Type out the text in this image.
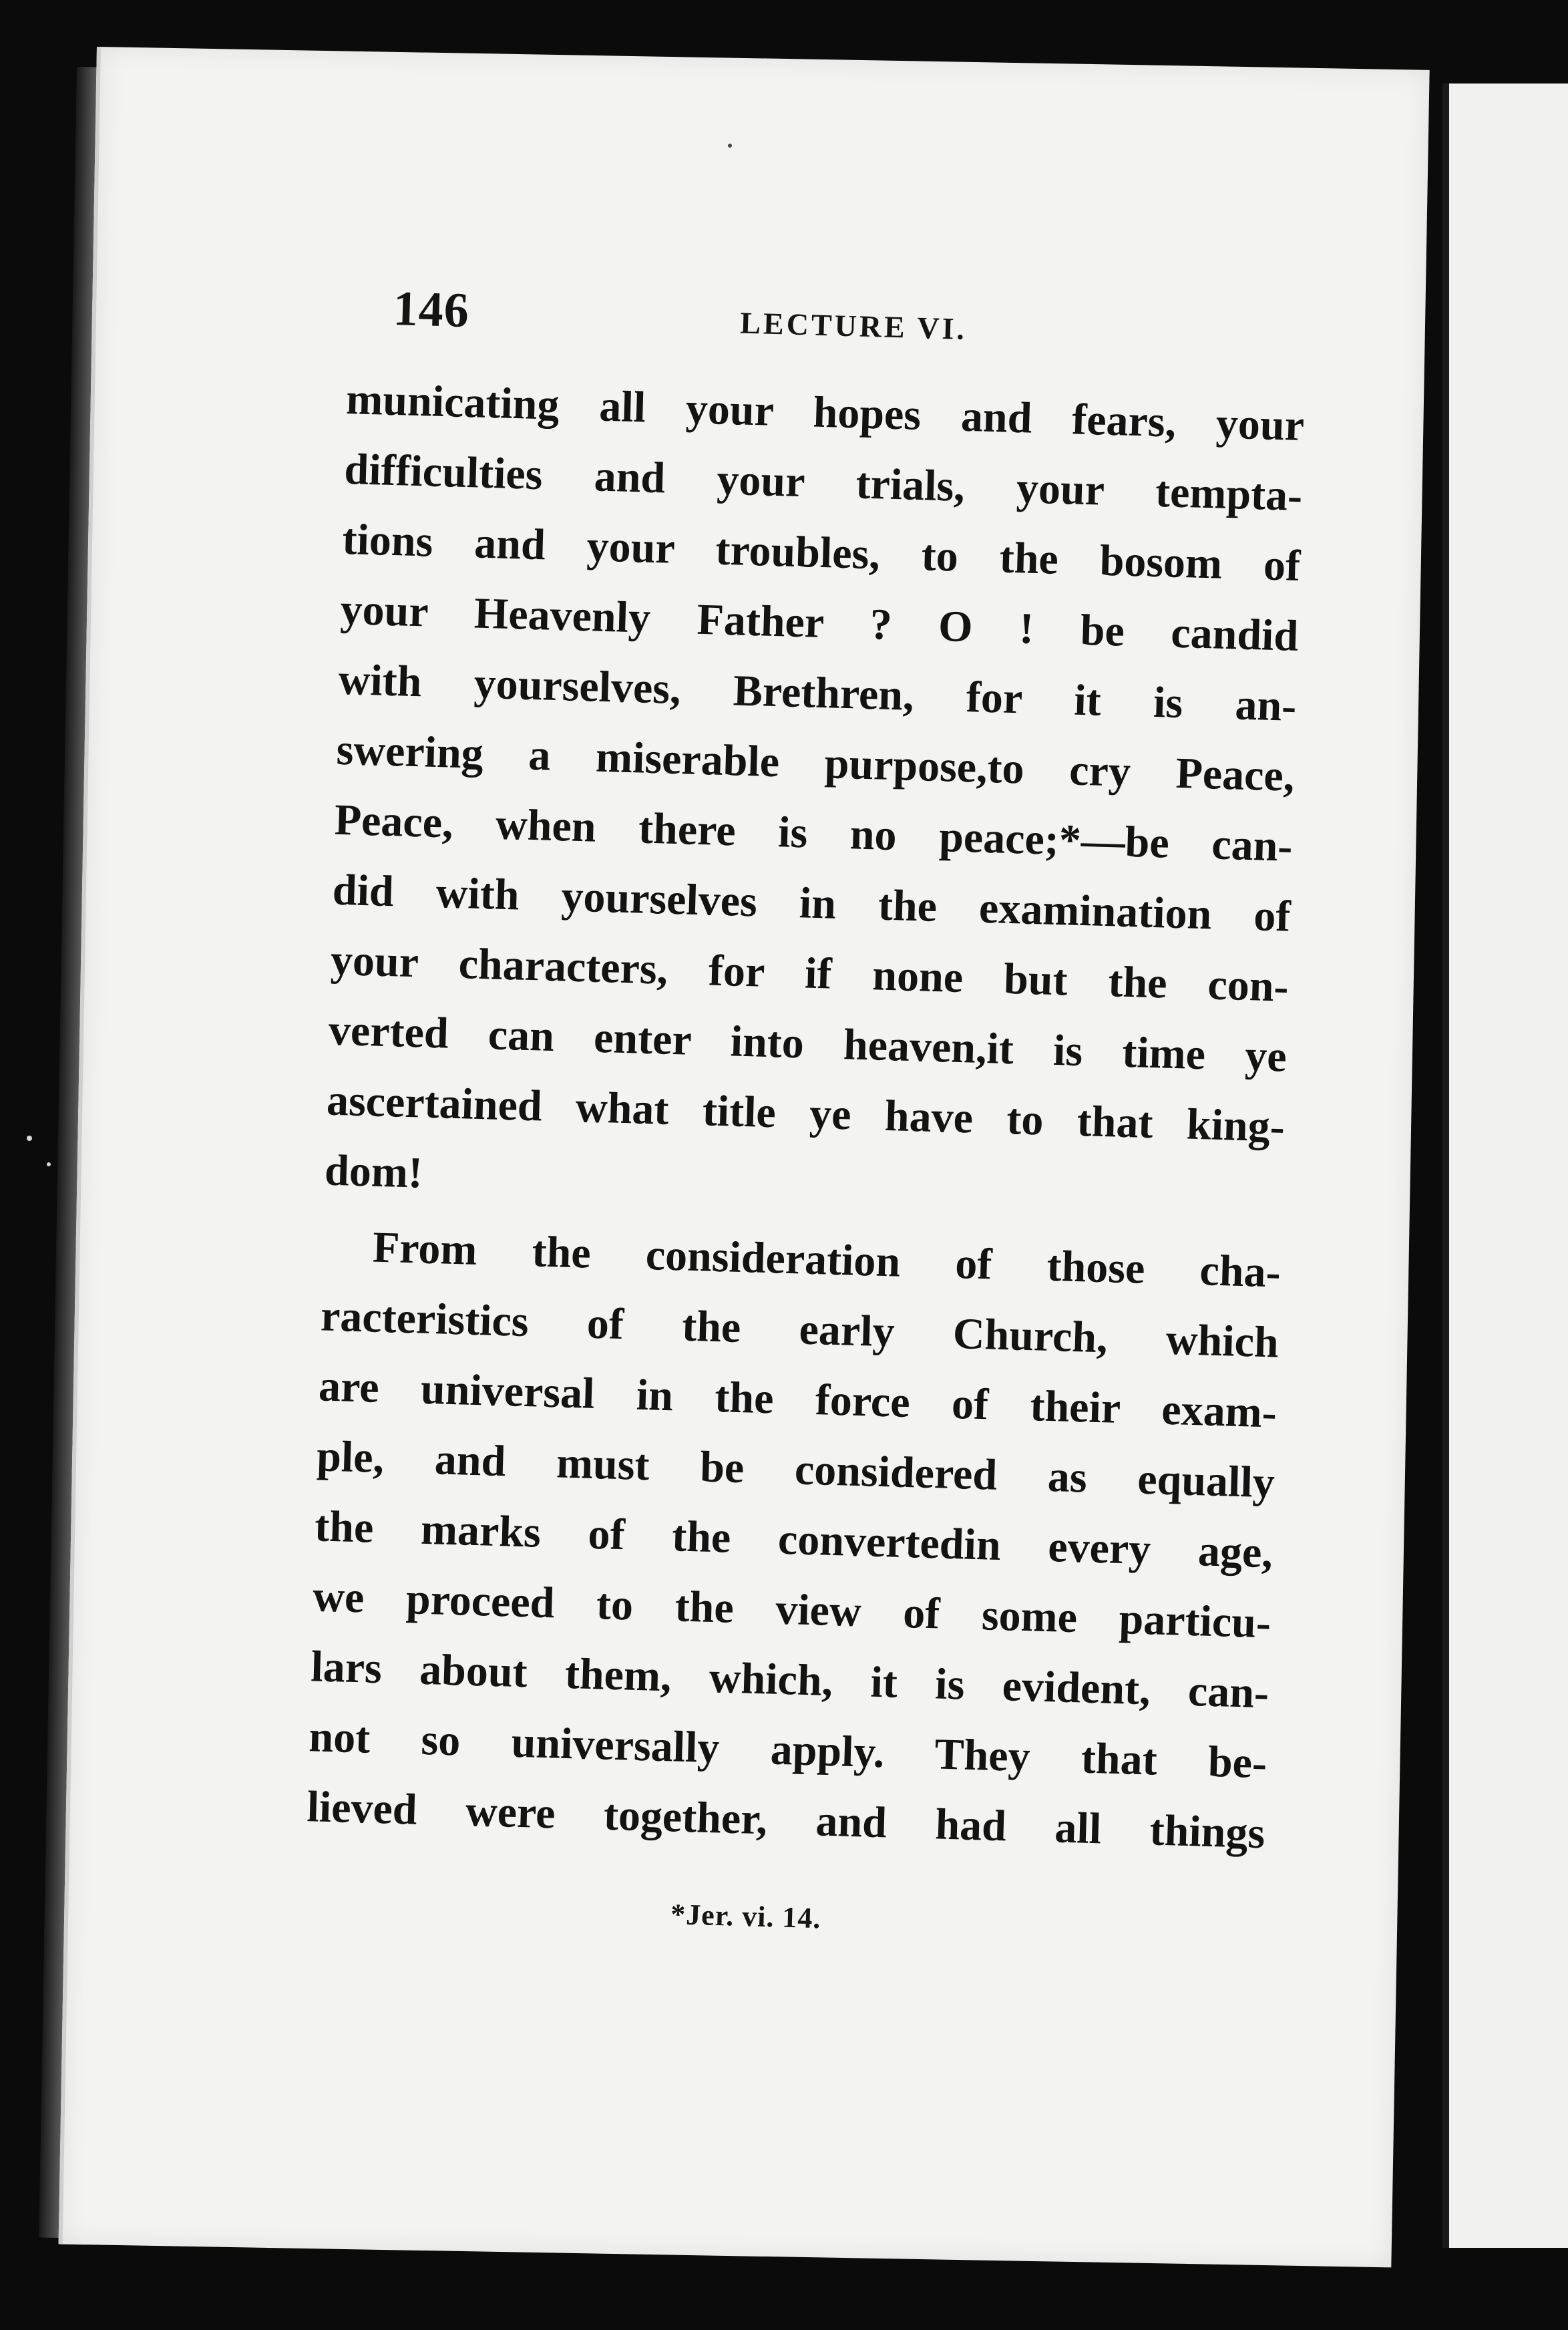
146	LECTURE VI.
municating all your hopes and fears, your
difficulties and your trials, your tempta-
tions and your troubles, to the bosom of
your Heavenly Father ? O ! be candid
with yourselves, Brethren, for it is an-
swering a miserable purpose,to cry Peace,
Peace, when there is no peace;*—be can-
did with yourselves in the examination of
your characters, for if none but the con-
verted can enter into heaven,it is time ye
ascertained what title ye have to that king-
dom!
From the consideration of those cha-
racteristics of the early Church, which
are universal in the force of their exam-
ple, and must be considered as equally
the marks of the convertedin every age,
we proceed to the view of some particu-
lars about them, which, it is evident, can-
not so universally apply. They that be-
lieved were together, and had all things
*Jer. vi. 14.
